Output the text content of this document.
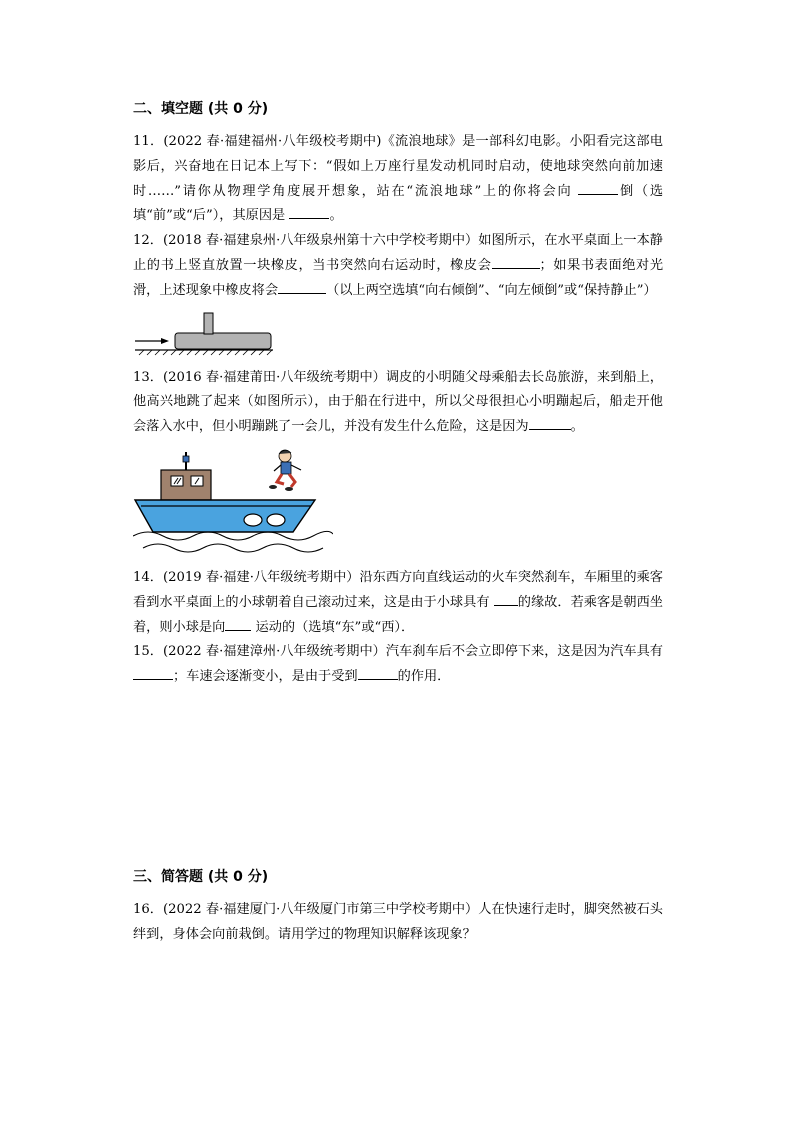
二、填空题 (共 0 分)
11．(2022 春·福建福州·八年级校考期中)《流浪地球》是一部科幻电影。小阳看完这部电影后，兴奋地在日记本上写下：“假如上万座行星发动机同时启动，使地球突然向前加速时……”请你从物理学角度展开想象，站在“流浪地球”上的你将会向	倒（选填“前”或“后”），其原因是	。
12．(2018 春·福建泉州·八年级泉州第十六中学校考期中）如图所示，在水平桌面上一本静止的书上竖直放置一块橡皮，当书突然向右运动时，橡皮会	；如果书表面绝对光滑，上述现象中橡皮将会	（以上两空选填“向右倾倒”、“向左倾倒”或“保持静止”）
13．(2016 春·福建莆田·八年级统考期中）调皮的小明随父母乘船去长岛旅游，来到船上，他高兴地跳了起来（如图所示），由于船在行进中，所以父母很担心小明蹦起后，船走开他会落入水中，但小明蹦跳了一会儿，并没有发生什么危险，这是因为	。
14．(2019 春·福建·八年级统考期中）沿东西方向直线运动的火车突然刹车，车厢里的乘客看到水平桌面上的小球朝着自己滚动过来，这是由于小球具有 的缘故．若乘客是朝西坐着，则小球是向 运动的（选填“东”或“西）．
15．(2022 春·福建漳州·八年级统考期中）汽车刹车后不会立即停下来，这是因为汽车具有；车速会逐渐变小，是由于受到	的作用．
三、简答题 (共 0 分)
16．(2022 春·福建厦门·八年级厦门市第三中学校考期中）人在快速行走时，脚突然被石头绊到，身体会向前栽倒。请用学过的物理知识解释该现象？
